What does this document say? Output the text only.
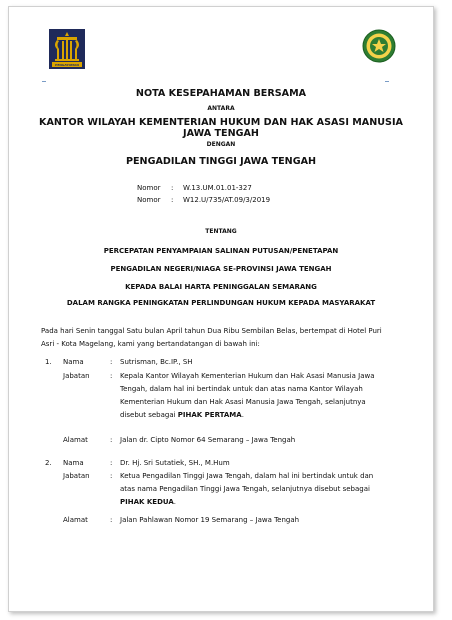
PENGAYOMAN
NOTA KESEPAHAMAN BERSAMA
ANTARA
KANTOR WILAYAH KEMENTERIAN HUKUM DAN HAK ASASI MANUSIA
JAWA TENGAH
DENGAN
PENGADILAN TINGGI JAWA TENGAH
Nomor : W.13.UM.01.01-327
Nomor : W12.U/735/AT.09/3/2019
TENTANG
PERCEPATAN PENYAMPAIAN SALINAN PUTUSAN/PENETAPAN
PENGADILAN NEGERI/NIAGA SE-PROVINSI JAWA TENGAH
KEPADA BALAI HARTA PENINGGALAN SEMARANG
DALAM RANGKA PENINGKATAN PERLINDUNGAN HUKUM KEPADA MASYARAKAT
Pada hari Senin tanggal Satu bulan April tahun Dua Ribu Sembilan Belas, bertempat di Hotel Puri
Asri - Kota Magelang, kami yang bertandatangan di bawah ini:
1. Nama	: Sutrisman, Bc.IP., SH
Jabatan	: Kepala Kantor Wilayah Kementerian Hukum dan Hak Asasi Manusia Jawa
Tengah, dalam hal ini bertindak untuk dan atas nama Kantor Wilayah
Kementerian Hukum dan Hak Asasi Manusia Jawa Tengah, selanjutnya
disebut sebagai PIHAK PERTAMA.
Alamat	: Jalan dr. Cipto Nomor 64 Semarang – Jawa Tengah
2. Nama	: Dr. Hj. Sri Sutatiek, SH., M.Hum
Jabatan	: Ketua Pengadilan Tinggi Jawa Tengah, dalam hal ini bertindak untuk dan
atas nama Pengadilan Tinggi Jawa Tengah, selanjutnya disebut sebagai
PIHAK KEDUA.
Alamat	: Jalan Pahlawan Nomor 19 Semarang – Jawa Tengah
